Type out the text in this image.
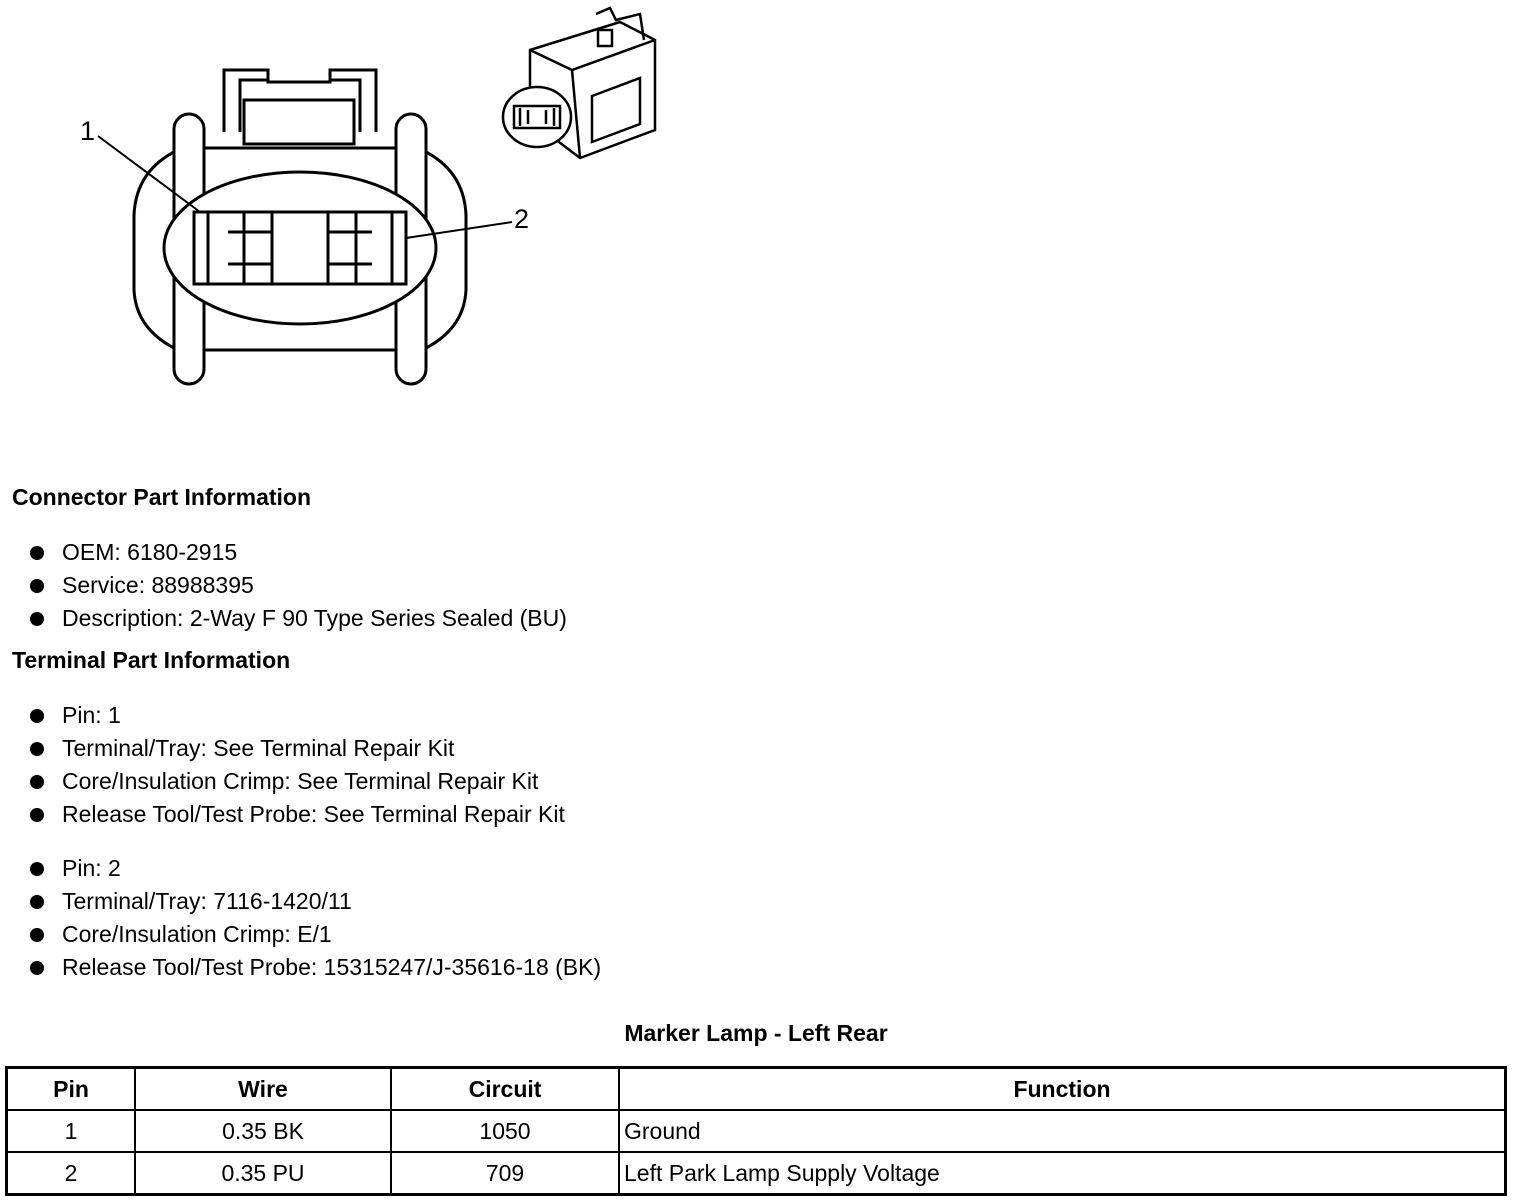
1
2
Connector Part Information
OEM: 6180-2915
Service: 88988395
Description: 2-Way F 90 Type Series Sealed (BU)
Terminal Part Information
Pin: 1
Terminal/Tray: See Terminal Repair Kit
Core/Insulation Crimp: See Terminal Repair Kit
Release Tool/Test Probe: See Terminal Repair Kit
Pin: 2
Terminal/Tray: 7116-1420/11
Core/Insulation Crimp: E/1
Release Tool/Test Probe: 15315247/J-35616-18 (BK)
Marker Lamp - Left Rear
Pin	Wire	Circuit	Function
1	0.35 BK	1050	Ground
2	0.35 PU	709	Left Park Lamp Supply Voltage
